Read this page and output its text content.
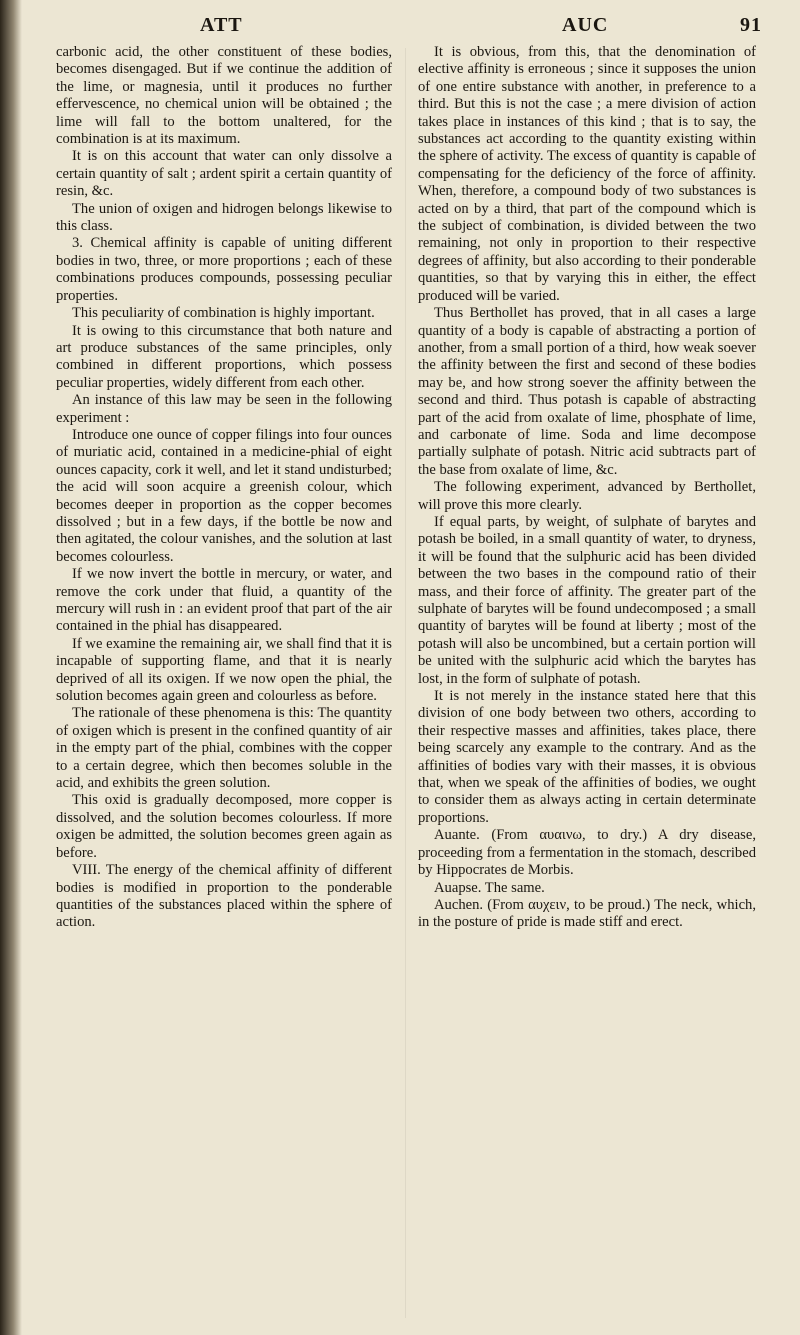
ATT	AUC	91

carbonic acid, the other constituent of these bodies, becomes disengaged. But if we continue the addition of the lime, or magnesia, until it produces no further effervescence, no chemical union will be obtained ; the lime will fall to the bottom unaltered, for the combination is at its maximum.

It is on this account that water can only dissolve a certain quantity of salt ; ardent spirit a certain quantity of resin, &c.

The union of oxigen and hidrogen belongs likewise to this class.

3. Chemical affinity is capable of uniting different bodies in two, three, or more proportions ; each of these combinations produces compounds, possessing peculiar properties.

This peculiarity of combination is highly important.

It is owing to this circumstance that both nature and art produce substances of the same principles, only combined in different proportions, which possess peculiar properties, widely different from each other.

An instance of this law may be seen in the following experiment :

Introduce one ounce of copper filings into four ounces of muriatic acid, contained in a medicine-phial of eight ounces capacity, cork it well, and let it stand undisturbed; the acid will soon acquire a greenish colour, which becomes deeper in proportion as the copper becomes dissolved ; but in a few days, if the bottle be now and then agitated, the colour vanishes, and the solution at last becomes colourless.

If we now invert the bottle in mercury, or water, and remove the cork under that fluid, a quantity of the mercury will rush in : an evident proof that part of the air contained in the phial has disappeared.

If we examine the remaining air, we shall find that it is incapable of supporting flame, and that it is nearly deprived of all its oxigen. If we now open the phial, the solution becomes again green and colourless as before.

The rationale of these phenomena is this: The quantity of oxigen which is present in the confined quantity of air in the empty part of the phial, combines with the copper to a certain degree, which then becomes soluble in the acid, and exhibits the green solution.

This oxid is gradually decomposed, more copper is dissolved, and the solution becomes colourless. If more oxigen be admitted, the solution becomes green again as before.

VIII. The energy of the chemical affinity of different bodies is modified in proportion to the ponderable quantities of the substances placed within the sphere of action.

It is obvious, from this, that the denomination of elective affinity is erroneous ; since it supposes the union of one entire substance with another, in preference to a third. But this is not the case ; a mere division of action takes place in instances of this kind ; that is to say, the substances act according to the quantity existing within the sphere of activity. The excess of quantity is capable of compensating for the deficiency of the force of affinity. When, therefore, a compound body of two substances is acted on by a third, that part of the compound which is the subject of combination, is divided between the two remaining, not only in proportion to their respective degrees of affinity, but also according to their ponderable quantities, so that by varying this in either, the effect produced will be varied.

Thus Berthollet has proved, that in all cases a large quantity of a body is capable of abstracting a portion of another, from a small portion of a third, how weak soever the affinity between the first and second of these bodies may be, and how strong soever the affinity between the second and third. Thus potash is capable of abstracting part of the acid from oxalate of lime, phosphate of lime, and carbonate of lime. Soda and lime decompose partially sulphate of potash. Nitric acid subtracts part of the base from oxalate of lime, &c.

The following experiment, advanced by Berthollet, will prove this more clearly.

If equal parts, by weight, of sulphate of barytes and potash be boiled, in a small quantity of water, to dryness, it will be found that the sulphuric acid has been divided between the two bases in the compound ratio of their mass, and their force of affinity. The greater part of the sulphate of barytes will be found undecomposed ; a small quantity of barytes will be found at liberty ; most of the potash will also be uncombined, but a certain portion will be united with the sulphuric acid which the barytes has lost, in the form of sulphate of potash.

It is not merely in the instance stated here that this division of one body between two others, according to their respective masses and affinities, takes place, there being scarcely any example to the contrary. And as the affinities of bodies vary with their masses, it is obvious that, when we speak of the affinities of bodies, we ought to consider them as always acting in certain determinate proportions.

Auante. (From αυαινω, to dry.) A dry disease, proceeding from a fermentation in the stomach, described by Hippocrates de Morbis.

Auapse. The same.

Auchen. (From αυχειν, to be proud.) The neck, which, in the posture of pride is made stiff and erect.
